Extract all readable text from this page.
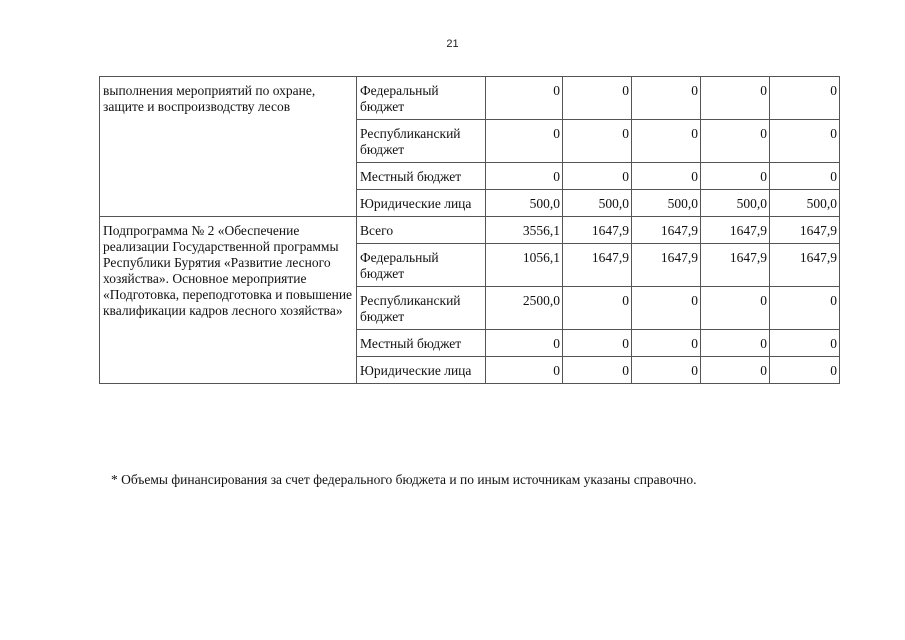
21
выполнения мероприятий по охране, защите и воспроизводству лесов	Федеральный бюджет	0	0	0	0	0
	Республиканский бюджет	0	0	0	0	0
	Местный бюджет	0	0	0	0	0
	Юридические лица	500,0	500,0	500,0	500,0	500,0
Подпрограмма № 2 «Обеспечение реализации Государственной программы Республики Бурятия «Развитие лесного хозяйства». Основное мероприятие «Подготовка, переподготовка и повышение квалификации кадров лесного хозяйства»	Всего	3556,1	1647,9	1647,9	1647,9	1647,9
	Федеральный бюджет	1056,1	1647,9	1647,9	1647,9	1647,9
	Республиканский бюджет	2500,0	0	0	0	0
	Местный бюджет	0	0	0	0	0
	Юридические лица	0	0	0	0	0
* Объемы финансирования за счет федерального бюджета и по иным источникам указаны справочно.
